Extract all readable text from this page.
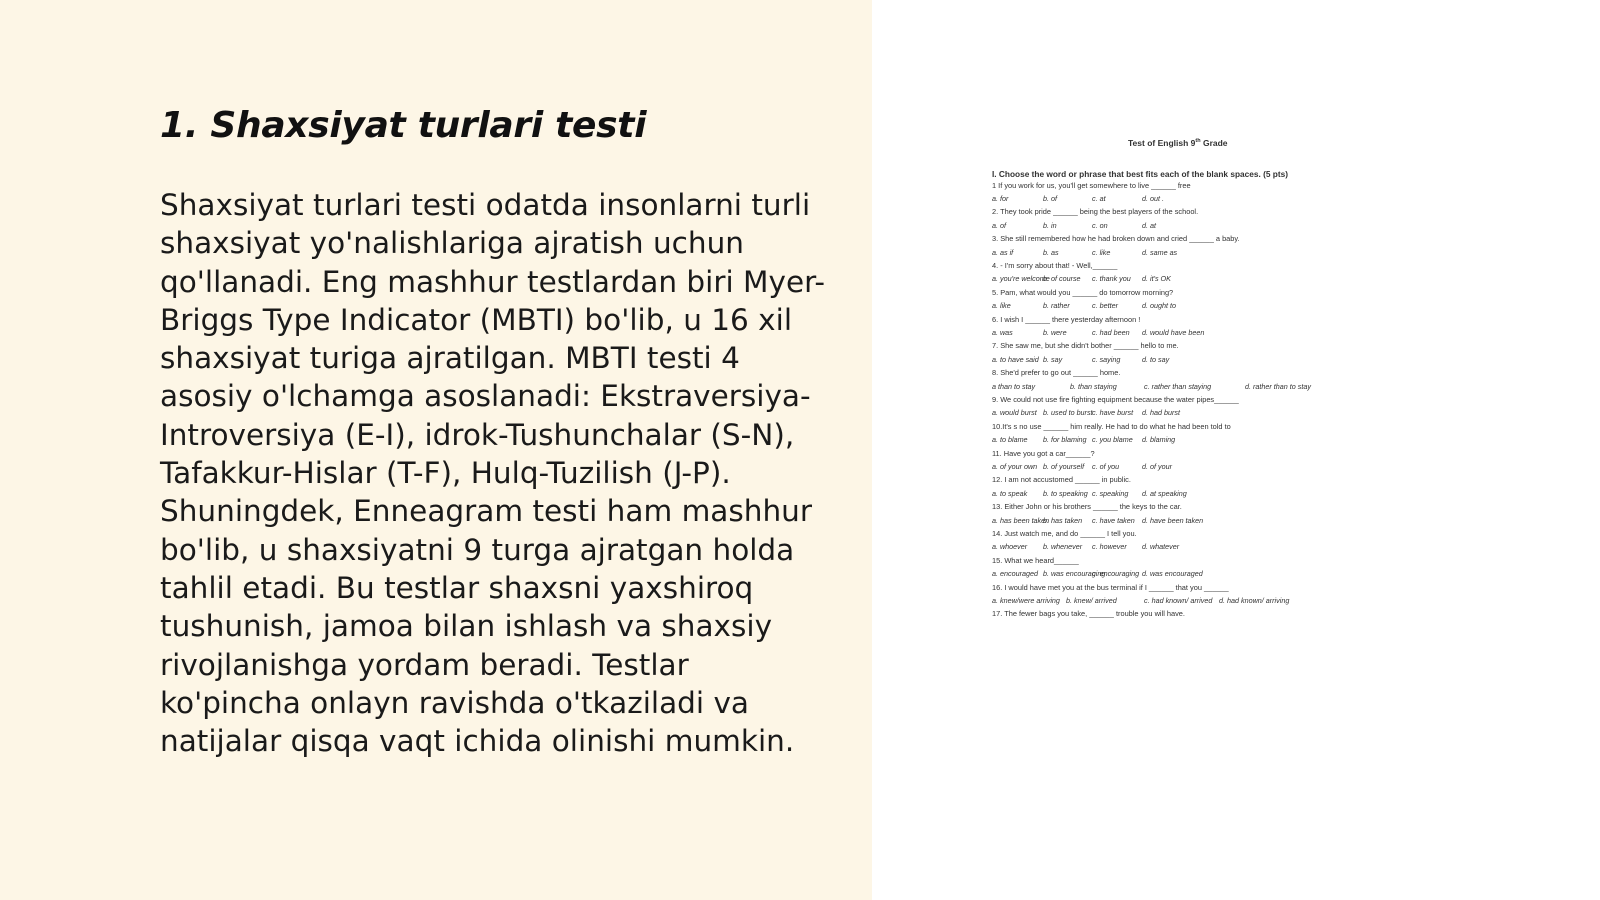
1. Shaxsiyat turlari testi
Shaxsiyat turlari testi odatda insonlarni turli
shaxsiyat yo'nalishlariga ajratish uchun
qo'llanadi. Eng mashhur testlardan biri Myer-
Briggs Type Indicator (MBTI) bo'lib, u 16 xil
shaxsiyat turiga ajratilgan. MBTI testi 4
asosiy o'lchamga asoslanadi: Ekstraversiya-
Introversiya (E-I), idrok-Tushunchalar (S-N),
Tafakkur-Hislar (T-F), Hulq-Tuzilish (J-P).
Shuningdek, Enneagram testi ham mashhur
bo'lib, u shaxsiyatni 9 turga ajratgan holda
tahlil etadi. Bu testlar shaxsni yaxshiroq
tushunish, jamoa bilan ishlash va shaxsiy
rivojlanishga yordam beradi. Testlar
ko'pincha onlayn ravishda o'tkaziladi va
natijalar qisqa vaqt ichida olinishi mumkin.
Test of English 9th Grade
I. Choose the word or phrase that best fits each of the blank spaces. (5 pts)
1 If you work for us, you'll get somewhere to live ______ free
a. for	b. of	c. at	d. out .
2. They took pride ______ being the best players of the school.
a. of	b. in	c. on	d. at
3. She still remembered how he had broken down and cried ______ a baby.
a. as if	b. as	c. like	d. same as
4. - I'm sorry about that! - Well,______
a. you're welcome
b. of course c. thank you d. it's OK
5. Pam, what would you ______ do tomorrow morning?
a. like	b. rather	c. better	d. ought to
6. I wish I ______ there yesterday afternoon !
a. was	b. were	c. had been d. would have been
7. She saw me, but she didn't bother ______ hello to me.
a. to have said b. say	c. saying	d. to say
8. She'd prefer to go out ______ home.
a than to stay	b. than staying	c. rather than staying	d. rather than to stay
9. We could not use fire fighting equipment because the water pipes______
a. would burst b. used to burst c. have burst d. had burst
10.It's s no use ______ him really. He had to do what he had been told to
a. to blame b. for blaming c. you blame d. blaming
11. Have you got a car______?
a. of your own b. of yourself c. of you	d. of your
12. I am not accustomed ______ in public.
a. to speak b. to speaking c. speaking d. at speaking
13. Either John or his brothers ______ the keys to the car.
a. has been taken
b. has taken c. have taken d. have been taken
14. Just watch me, and do ______ I tell you.
a. whoever b. whenever c. however d. whatever
15. What we heard______
a. encouraged b. was encouraging
c. encouraging d. was encouraged
16. I would have met you at the bus terminal if I ______ that you ______
a. knew/were arriving b. knew/ arrived	c. had known/ arrived d. had known/ arriving
17. The fewer bags you take, ______ trouble you will have.
